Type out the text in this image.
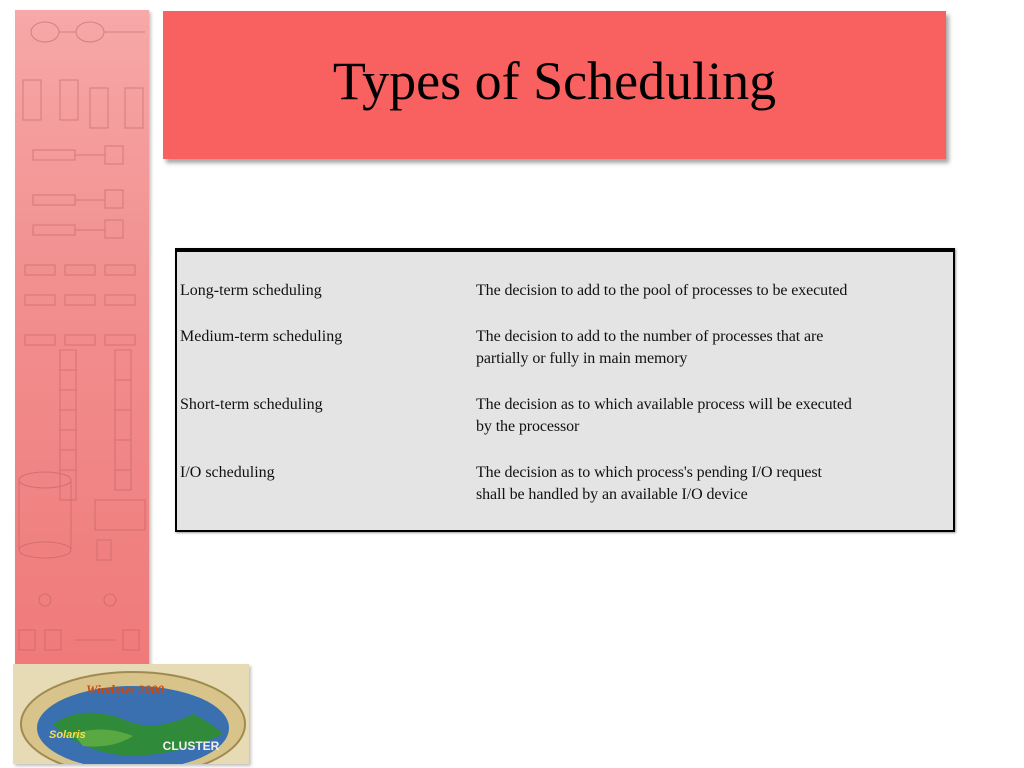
Windows 2000
Solaris
CLUSTER
Types of Scheduling
Long-term scheduling	The decision to add to the pool of processes to be executed
Medium-term scheduling	The decision to add to the number of processes that are
partially or fully in main memory
Short-term scheduling	The decision as to which available process will be executed
by the processor
I/O scheduling	The decision as to which process's pending I/O request
shall be handled by an available I/O device
